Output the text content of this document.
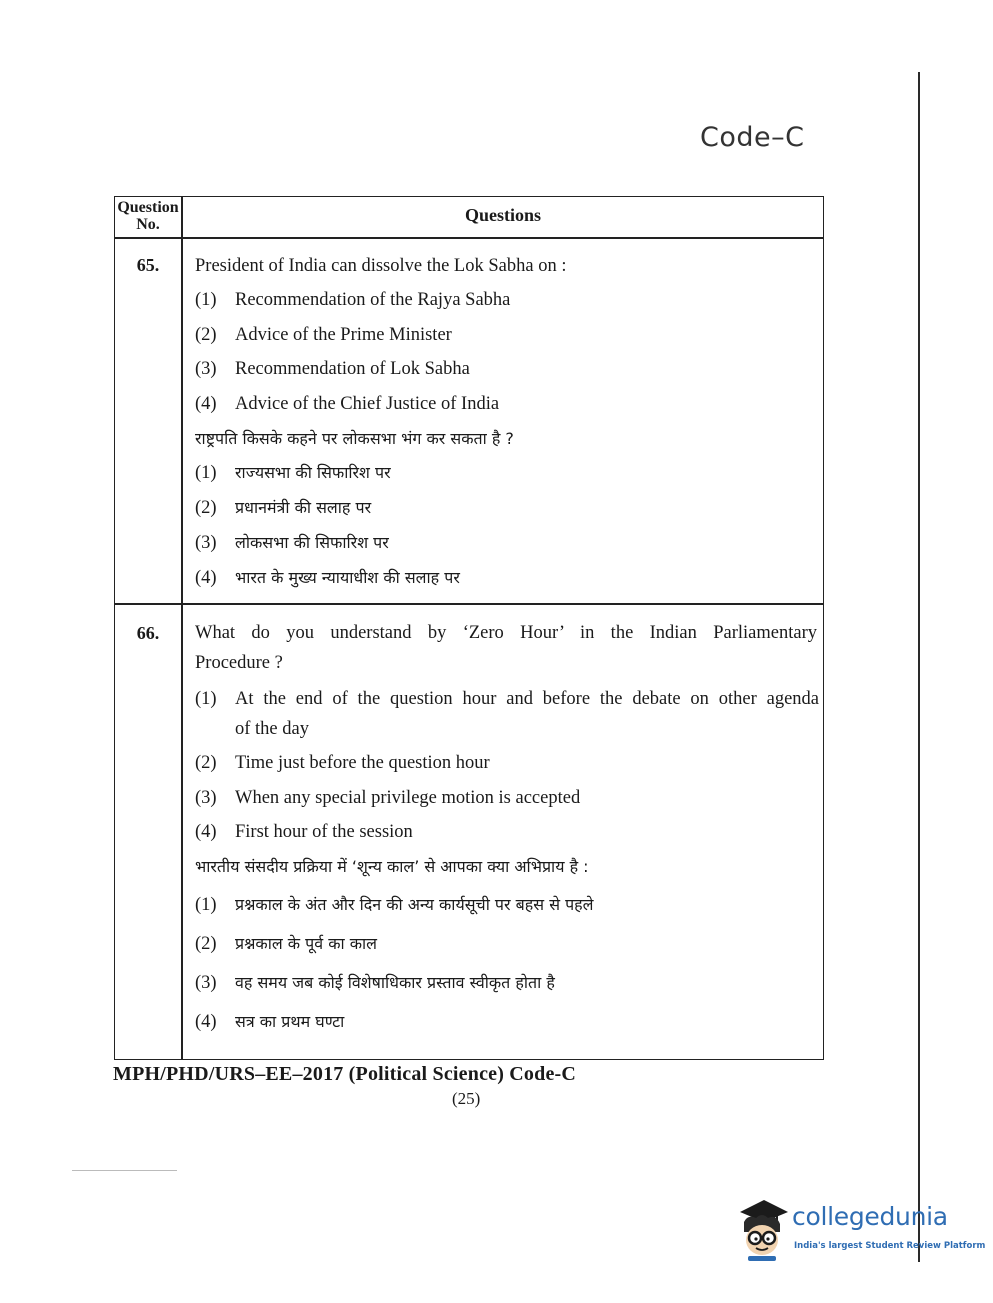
Code–C
Question No.	Questions
65.	President of India can dissolve the Lok Sabha on :
(1) Recommendation of the Rajya Sabha
(2) Advice of the Prime Minister
(3) Recommendation of Lok Sabha
(4) Advice of the Chief Justice of India
राष्ट्रपति किसके कहने पर लोकसभा भंग कर सकता है ?
(1)	राज्यसभा की सिफारिश पर
(2)	प्रधानमंत्री की सलाह पर
(3)	लोकसभा की सिफारिश पर
(4)	भारत के मुख्य न्यायाधीश की सलाह पर
66.	What do you understand by ‘Zero Hour’ in the Indian Parliamentary
Procedure ?
(1) At the end of the question hour and before the debate on other agenda
of the day
(2) Time just before the question hour
(3) When any special privilege motion is accepted
(4) First hour of the session
भारतीय संसदीय प्रक्रिया में ‘शून्य काल’ से आपका क्या अभिप्राय है :
(1)	प्रश्नकाल के अंत और दिन की अन्य कार्यसूची पर बहस से पहले
(2)	प्रश्नकाल के पूर्व का काल
(3)	वह समय जब कोई विशेषाधिकार प्रस्ताव स्वीकृत होता है
(4)	सत्र का प्रथम घण्टा
MPH/PHD/URS–EE–2017 (Political Science) Code-C
(25)
collegedunia
India's largest Student Review Platform
